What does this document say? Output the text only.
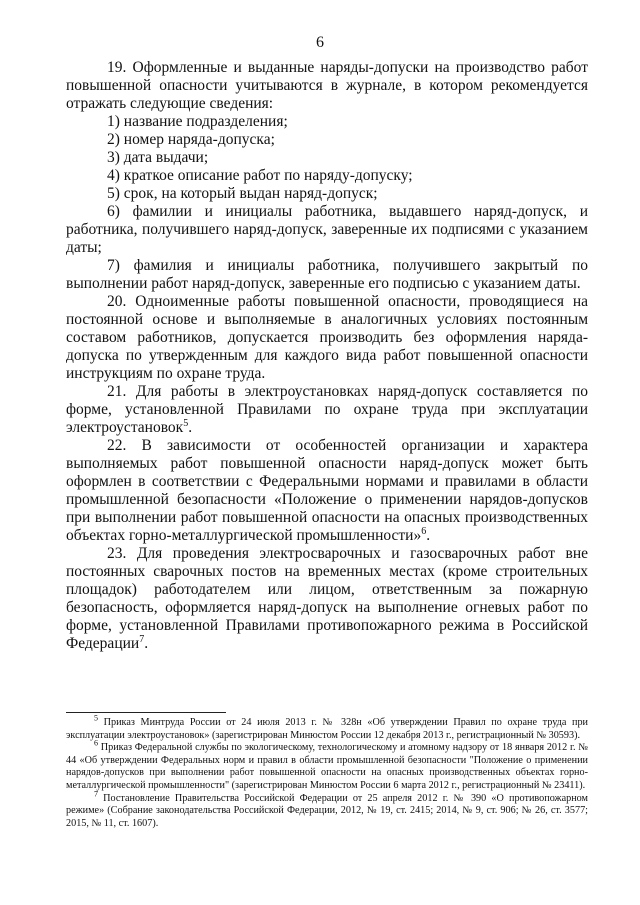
6

19. Оформленные и выданные наряды-допуски на производство работ повышенной опасности учитываются в журнале, в котором рекомендуется отражать следующие сведения:

1) название подразделения;

2) номер наряда-допуска;

3) дата выдачи;

4) краткое описание работ по наряду-допуску;

5) срок, на который выдан наряд-допуск;

6) фамилии и инициалы работника, выдавшего наряд-допуск, и работника, получившего наряд-допуск, заверенные их подписями с указанием даты;

7) фамилия и инициалы работника, получившего закрытый по выполнении работ наряд-допуск, заверенные его подписью с указанием даты.

20. Одноименные работы повышенной опасности, проводящиеся на постоянной основе и выполняемые в аналогичных условиях постоянным составом работников, допускается производить без оформления наряда-допуска по утвержденным для каждого вида работ повышенной опасности инструкциям по охране труда.

21. Для работы в электроустановках наряд-допуск составляется по форме, установленной Правилами по охране труда при эксплуатации электроустановок$^5$.

22. В зависимости от особенностей организации и характера выполняемых работ повышенной опасности наряд-допуск может быть оформлен в соответствии с Федеральными нормами и правилами в области промышленной безопасности «Положение о применении нарядов-допусков при выполнении работ повышенной опасности на опасных производственных объектах горно-металлургической промышленности»$^6$.

23. Для проведения электросварочных и газосварочных работ вне постоянных сварочных постов на временных местах (кроме строительных площадок) работодателем или лицом, ответственным за пожарную безопасность, оформляется наряд-допуск на выполнение огневых работ по форме, установленной Правилами противопожарного режима в Российской Федерации$^7$.

$^5$ Приказ Минтруда России от 24 июля 2013 г. № 328н «Об утверждении Правил по охране труда при эксплуатации электроустановок» (зарегистрирован Минюстом России 12 декабря 2013 г., регистрационный № 30593).

$^6$ Приказ Федеральной службы по экологическому, технологическому и атомному надзору от 18 января 2012 г. № 44 «Об утверждении Федеральных норм и правил в области промышленной безопасности "Положение о применении нарядов-допусков при выполнении работ повышенной опасности на опасных производственных объектах горно-металлургической промышленности" (зарегистрирован Минюстом России 6 марта 2012 г., регистрационный № 23411).

$^7$ Постановление Правительства Российской Федерации от 25 апреля 2012 г. № 390 «О противопожарном режиме» (Собрание законодательства Российской Федерации, 2012, № 19, ст. 2415; 2014, № 9, ст. 906; № 26, ст. 3577; 2015, № 11, ст. 1607).
